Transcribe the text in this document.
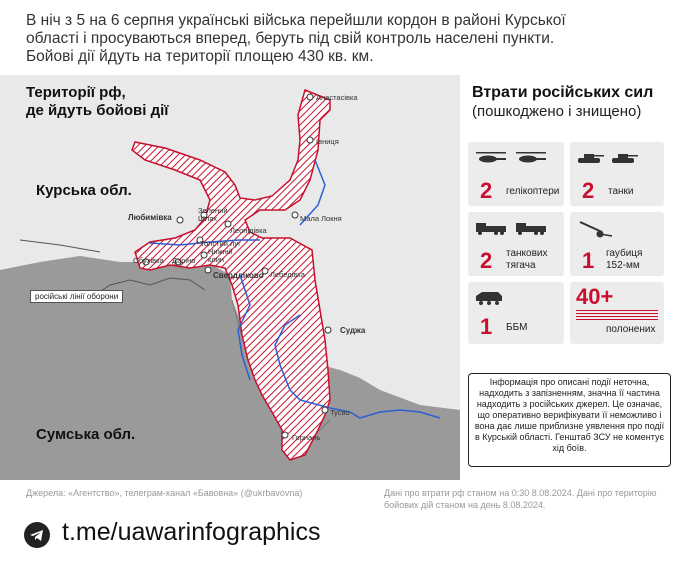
В ніч з 5 на 6 серпня українські війська перейшли кордон в районі Курської
області і просуваються вперед, беруть під свій контроль населені пункти.
Бойові дії йдуть на території площею 430 кв. км.
Анастасівка
Івниця
Любимівка
Зелений Шлях
Леонідівка
Мала Локня
Толстий луг
Обухівка Даріно
Нижній клин
Свердліково Лебедівка
Суджа
Тусво
Горналь
Території рф,
де йдуть бойові дії
Курська обл.
Сумська обл.
російські лінії оборони
Втрати російських сил
(пошкоджено і знищено)
2 гелікоптери 2 танки
2 танкових тягача	1 гаубиця 152-мм
1 ББМ
40+
полонених
Інформація про описані події неточна, надходить з запізненням, значна її частина надходить з російських джерел. Це означає, що оперативно верифікувати її неможливо і вона дає лише приблизне уявлення про події в Курській області. Генштаб ЗСУ не коментує хід боїв.
Джерела: «Агентство», телеграм-канал «Бавовна» (@ukrbavovna)	Дані про втрати рф станом на 0:30 8.08.2024. Дані про територію бойових дій станом на день 8.08.2024.
t.me/uawarinfographics
